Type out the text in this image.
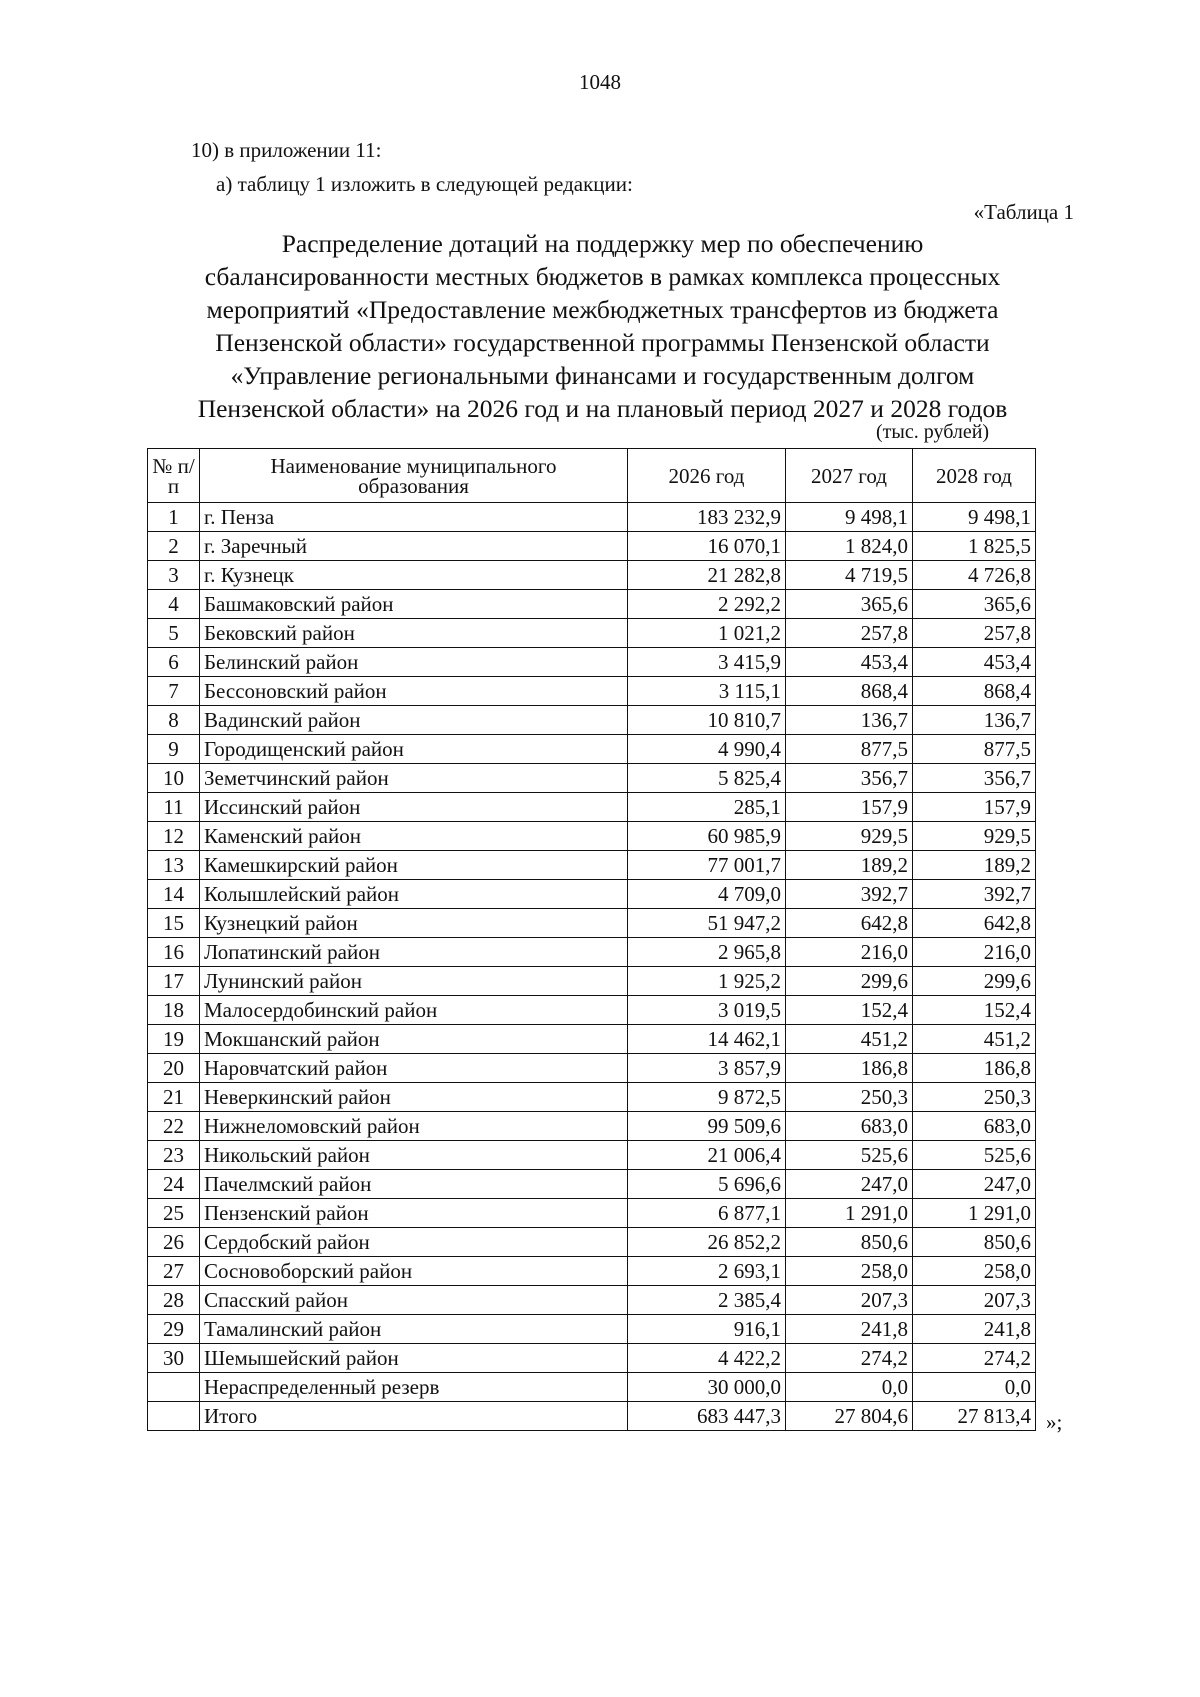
1048
10) в приложении 11:
а) таблицу 1 изложить в следующей редакции:
«Таблица 1
Распределение дотаций на поддержку мер по обеспечению
сбалансированности местных бюджетов в рамках комплекса процессных
мероприятий «Предоставление межбюджетных трансфертов из бюджета
Пензенской области» государственной программы Пензенской области
«Управление региональными финансами и государственным долгом
Пензенской области» на 2026 год и на плановый период 2027 и 2028 годов
(тыс. рублей)
№ п/п	Наименование муниципального образования	2026 год	2027 год	2028 год
1	г. Пенза	183 232,9	9 498,1	9 498,1
2	г. Заречный	16 070,1	1 824,0	1 825,5
3	г. Кузнецк	21 282,8	4 719,5	4 726,8
4	Башмаковский район	2 292,2	365,6	365,6
5	Бековский район	1 021,2	257,8	257,8
6	Белинский район	3 415,9	453,4	453,4
7	Бессоновский район	3 115,1	868,4	868,4
8	Вадинский район	10 810,7	136,7	136,7
9	Городищенский район	4 990,4	877,5	877,5
10	Земетчинский район	5 825,4	356,7	356,7
11	Иссинский район	285,1	157,9	157,9
12	Каменский район	60 985,9	929,5	929,5
13	Камешкирский район	77 001,7	189,2	189,2
14	Колышлейский район	4 709,0	392,7	392,7
15	Кузнецкий район	51 947,2	642,8	642,8
16	Лопатинский район	2 965,8	216,0	216,0
17	Лунинский район	1 925,2	299,6	299,6
18	Малосердобинский район	3 019,5	152,4	152,4
19	Мокшанский район	14 462,1	451,2	451,2
20	Наровчатский район	3 857,9	186,8	186,8
21	Неверкинский район	9 872,5	250,3	250,3
22	Нижнеломовский район	99 509,6	683,0	683,0
23	Никольский район	21 006,4	525,6	525,6
24	Пачелмский район	5 696,6	247,0	247,0
25	Пензенский район	6 877,1	1 291,0	1 291,0
26	Сердобский район	26 852,2	850,6	850,6
27	Сосновоборский район	2 693,1	258,0	258,0
28	Спасский район	2 385,4	207,3	207,3
29	Тамалинский район	916,1	241,8	241,8
30	Шемышейский район	4 422,2	274,2	274,2
	Нераспределенный резерв	30 000,0	0,0	0,0
	Итого	683 447,3	27 804,6	27 813,4 »;
